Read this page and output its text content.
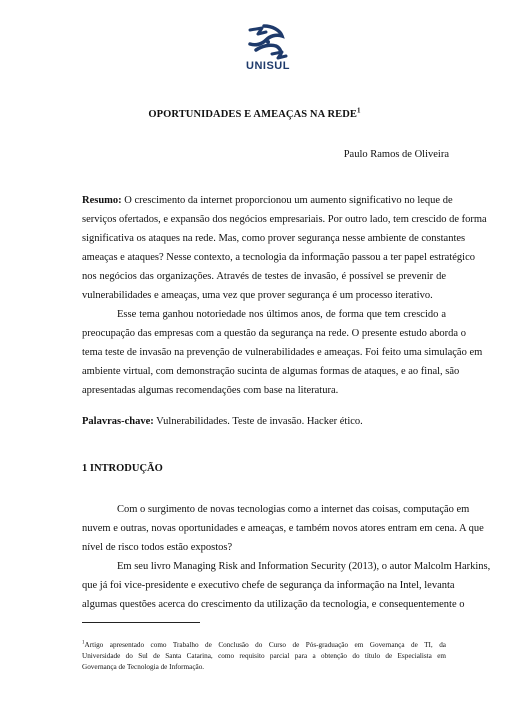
UNISUL
OPORTUNIDADES E AMEAÇAS NA REDE$^1$
Paulo Ramos de Oliveira
Resumo: O crescimento da internet proporcionou um aumento significativo no leque de
serviços ofertados, e expansão dos negócios empresariais. Por outro lado, tem crescido de forma
significativa os ataques na rede. Mas, como prover segurança nesse ambiente de constantes
ameaças e ataques? Nesse contexto, a tecnologia da informação passou a ter papel estratégico
nos negócios das organizações. Através de testes de invasão, é possível se prevenir de
vulnerabilidades e ameaças, uma vez que prover segurança é um processo iterativo.
Esse tema ganhou notoriedade nos últimos anos, de forma que tem crescido a
preocupação das empresas com a questão da segurança na rede. O presente estudo aborda o
tema teste de invasão na prevenção de vulnerabilidades e ameaças. Foi feito uma simulação em
ambiente virtual, com demonstração sucinta de algumas formas de ataques, e ao final, são
apresentadas algumas recomendações com base na literatura.
Palavras-chave: Vulnerabilidades. Teste de invasão. Hacker ético.
1 INTRODUÇÃO
Com o surgimento de novas tecnologias como a internet das coisas, computação em
nuvem e outras, novas oportunidades e ameaças, e também novos atores entram em cena. A que
nível de risco todos estão expostos?
Em seu livro Managing Risk and Information Security (2013), o autor Malcolm Harkins,
que já foi vice-presidente e executivo chefe de segurança da informação na Intel, levanta
algumas questões acerca do crescimento da utilização da tecnologia, e consequentemente o
$^1$Artigo apresentado como Trabalho de Conclusão do Curso de Pós-graduação em Governança de TI, da
Universidade do Sul de Santa Catarina, como requisito parcial para a obtenção do título de Especialista em
Governança de Tecnologia de Informação.
